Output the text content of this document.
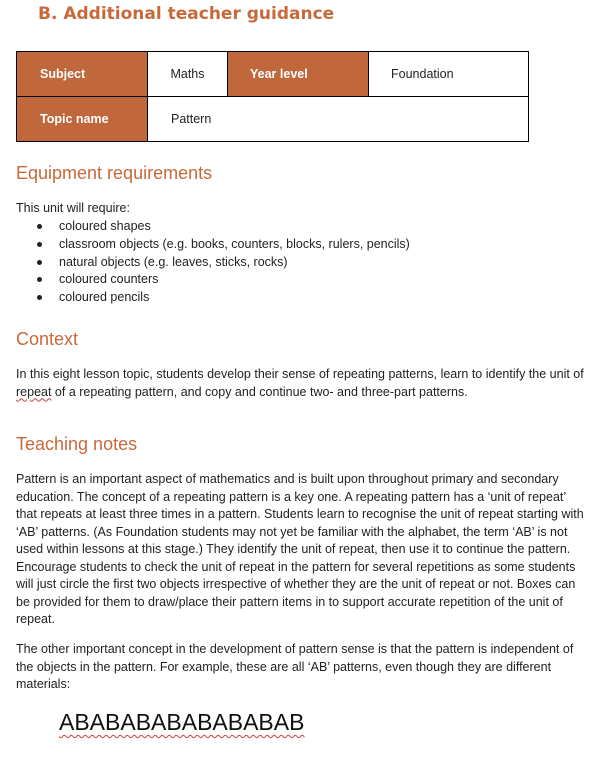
B. Additional teacher guidance
Subject	Maths	Year level	Foundation
Topic name	Pattern		
Equipment requirements

This unit will require:

coloured shapes
classroom objects (e.g. books, counters, blocks, rulers, pencils)
natural objects (e.g. leaves, sticks, rocks)
coloured counters
coloured pencils
Context

In this eight lesson topic, students develop their sense of repeating patterns, learn to identify the unit of repeat of a repeating pattern, and copy and continue two- and three-part patterns.

Teaching notes

Pattern is an important aspect of mathematics and is built upon throughout primary and secondary education. The concept of a repeating pattern is a key one. A repeating pattern has a ‘unit of repeat’ that repeats at least three times in a pattern. Students learn to recognise the unit of repeat starting with ‘AB’ patterns. (As Foundation students may not yet be familiar with the alphabet, the term ‘AB’ is not used within lessons at this stage.) They identify the unit of repeat, then use it to continue the pattern. Encourage students to check the unit of repeat in the pattern for several repetitions as some students will just circle the first two objects irrespective of whether they are the unit of repeat or not. Boxes can be provided for them to draw/place their pattern items in to support accurate repetition of the unit of repeat.

The other important concept in the development of pattern sense is that the pattern is independent of the objects in the pattern. For example, these are all ‘AB’ patterns, even though they are different materials:

ABABABABABABABAB
